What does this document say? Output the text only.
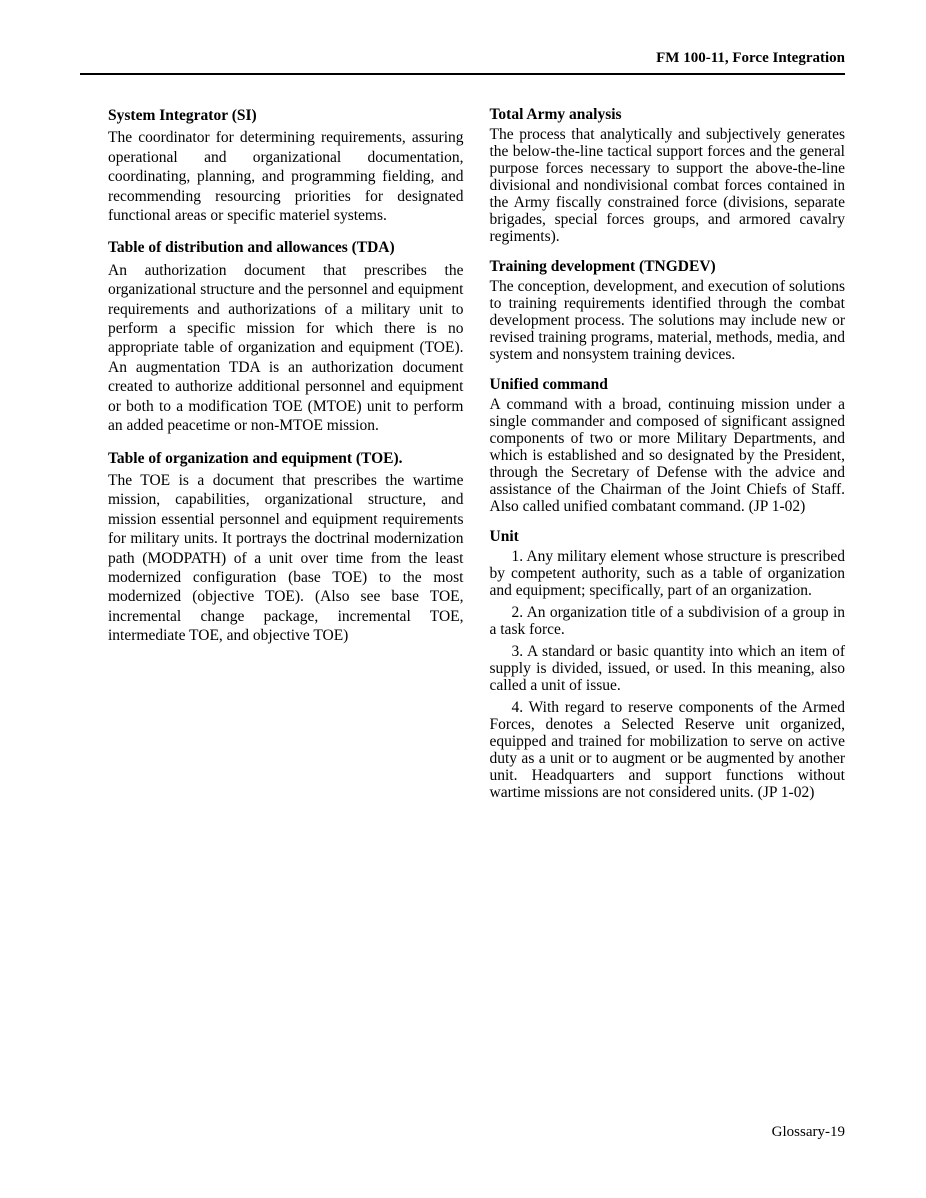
FM 100-11, Force Integration
System Integrator (SI)

The coordinator for determining requirements, assuring operational and organizational documentation, coordinating, planning, and programming fielding, and recommending resourcing priorities for designated functional areas or specific materiel systems.

Table of distribution and allowances (TDA)

An authorization document that prescribes the organizational structure and the personnel and equipment requirements and authorizations of a military unit to perform a specific mission for which there is no appropriate table of organization and equipment (TOE). An augmentation TDA is an authorization document created to authorize additional personnel and equipment or both to a modification TOE (MTOE) unit to perform an added peacetime or non-MTOE mission.

Table of organization and equipment (TOE).

The TOE is a document that prescribes the wartime mission, capabilities, organizational structure, and mission essential personnel and equipment requirements for military units. It portrays the doctrinal modernization path (MODPATH) of a unit over time from the least modernized configuration (base TOE) to the most modernized (objective TOE). (Also see base TOE, incremental change package, incremental TOE, intermediate TOE, and objective TOE)

Total Army analysis

The process that analytically and subjectively generates the below-the-line tactical support forces and the general purpose forces necessary to support the above-the-line divisional and nondivisional combat forces contained in the Army fiscally constrained force (divisions, separate brigades, special forces groups, and armored cavalry regiments).

Training development (TNGDEV)

The conception, development, and execution of solutions to training requirements identified through the combat development process. The solutions may include new or revised training programs, material, methods, media, and system and nonsystem training devices.

Unified command

A command with a broad, continuing mission under a single commander and composed of significant assigned components of two or more Military Departments, and which is established and so designated by the President, through the Secretary of Defense with the advice and assistance of the Chairman of the Joint Chiefs of Staff. Also called unified combatant command. (JP 1-02)

Unit

1. Any military element whose structure is prescribed by competent authority, such as a table of organization and equipment; specifically, part of an organization.

2. An organization title of a subdivision of a group in a task force.

3. A standard or basic quantity into which an item of supply is divided, issued, or used. In this meaning, also called a unit of issue.

4. With regard to reserve components of the Armed Forces, denotes a Selected Reserve unit organized, equipped and trained for mobilization to serve on active duty as a unit or to augment or be augmented by another unit. Headquarters and support functions without wartime missions are not considered units. (JP 1-02)

Glossary-19
